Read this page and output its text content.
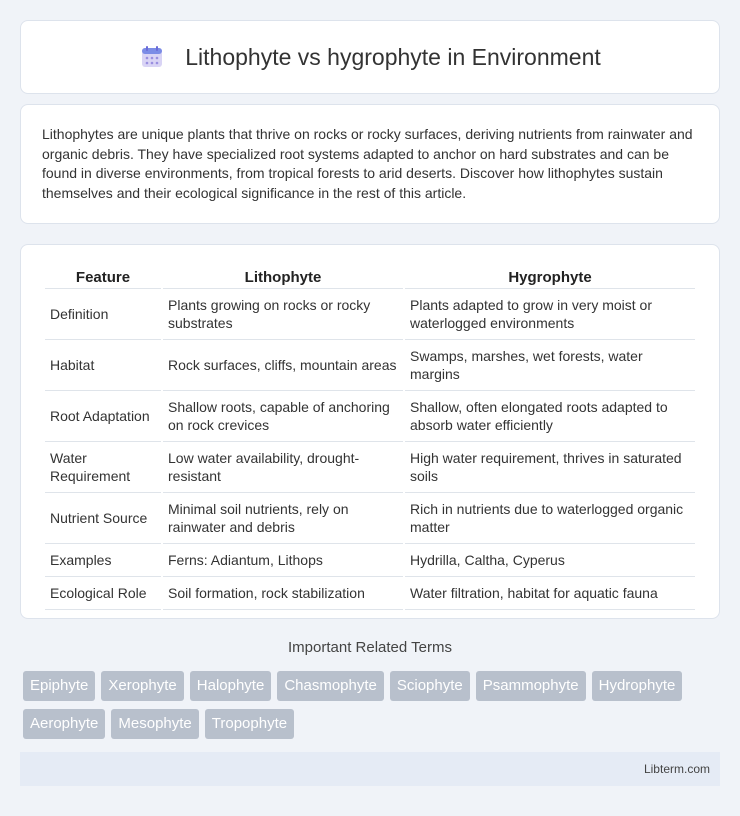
Lithophyte vs hygrophyte in Environment

Lithophytes are unique plants that thrive on rocks or rocky surfaces, deriving nutrients from rainwater and organic debris. They have specialized root systems adapted to anchor on hard substrates and can be found in diverse environments, from tropical forests to arid deserts. Discover how lithophytes sustain themselves and their ecological significance in the rest of this article.

Feature	Lithophyte	Hygrophyte
Definition	Plants growing on rocks or rocky substrates	Plants adapted to grow in very moist or waterlogged environments
Habitat	Rock surfaces, cliffs, mountain areas	Swamps, marshes, wet forests, water margins
Root Adaptation	Shallow roots, capable of anchoring on rock crevices	Shallow, often elongated roots adapted to absorb water efficiently
Water Requirement	Low water availability, drought-resistant	High water requirement, thrives in saturated soils
Nutrient Source	Minimal soil nutrients, rely on rainwater and debris	Rich in nutrients due to waterlogged organic matter
Examples	Ferns: Adiantum, Lithops	Hydrilla, Caltha, Cyperus
Ecological Role	Soil formation, rock stabilization	Water filtration, habitat for aquatic fauna
Important Related Terms
Epiphyte	Xerophyte	Halophyte	Chasmophyte	Sciophyte	Psammophyte	Hydrophyte
Aerophyte	Mesophyte	Tropophyte
Libterm.com
